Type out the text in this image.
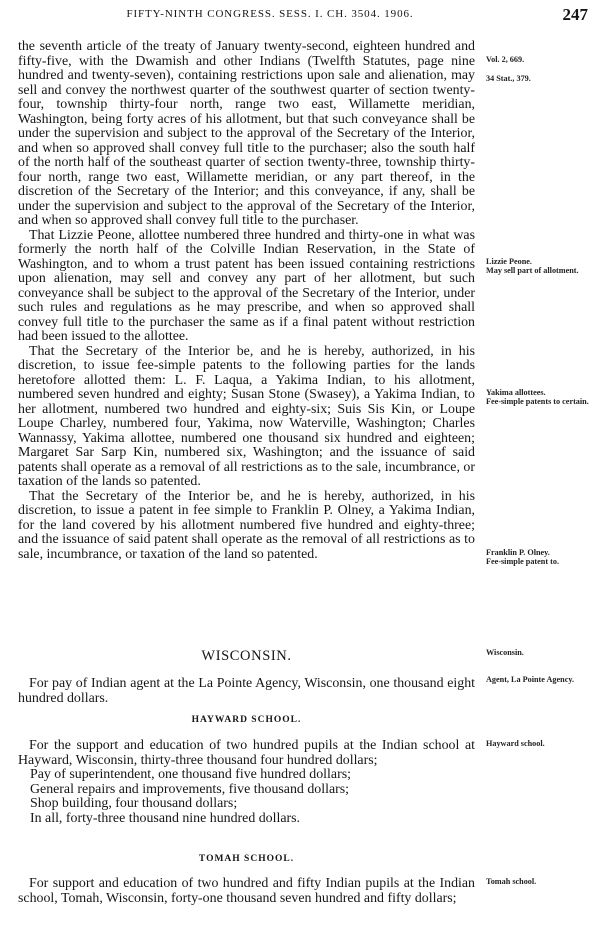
FIFTY-NINTH CONGRESS. SESS. I. CH. 3504. 1906.	247

the seventh article of the treaty of January twenty-second, eighteen hundred and fifty-five, with the Dwamish and other Indians (Twelfth Statutes, page nine hundred and twenty-seven), containing restrictions upon sale and alienation, may sell and convey the northwest quarter of the southwest quarter of section twenty-four, township thirty-four north, range two east, Willamette meridian, Washington, being forty acres of his allotment, but that such conveyance shall be under the supervision and subject to the approval of the Secretary of the Interior, and when so approved shall convey full title to the purchaser; also the south half of the north half of the southeast quarter of section twenty-three, township thirty-four north, range two east, Willamette meridian, or any part thereof, in the discretion of the Secretary of the Interior; and this conveyance, if any, shall be under the supervision and subject to the approval of the Secretary of the Interior, and when so approved shall convey full title to the purchaser.

That Lizzie Peone, allottee numbered three hundred and thirty-one in what was formerly the north half of the Colville Indian Reservation, in the State of Washington, and to whom a trust patent has been issued containing restrictions upon alienation, may sell and convey any part of her allotment, but such conveyance shall be subject to the approval of the Secretary of the Interior, under such rules and regulations as he may prescribe, and when so approved shall convey full title to the purchaser the same as if a final patent without restriction had been issued to the allottee.

That the Secretary of the Interior be, and he is hereby, authorized, in his discretion, to issue fee-simple patents to the following parties for the lands heretofore allotted them: L. F. Laqua, a Yakima Indian, to his allotment, numbered seven hundred and eighty; Susan Stone (Swasey), a Yakima Indian, to her allotment, numbered two hundred and eighty-six; Suis Sis Kin, or Loupe Loupe Charley, numbered four, Yakima, now Waterville, Washington; Charles Wannassy, Yakima allottee, numbered one thousand six hundred and eighteen; Margaret Sar Sarp Kin, numbered six, Washington; and the issuance of said patents shall operate as a removal of all restrictions as to the sale, incumbrance, or taxation of the lands so patented.

That the Secretary of the Interior be, and he is hereby, authorized, in his discretion, to issue a patent in fee simple to Franklin P. Olney, a Yakima Indian, for the land covered by his allotment numbered five hundred and eighty-three; and the issuance of said patent shall operate as the removal of all restrictions as to sale, incumbrance, or taxation of the land so patented.

WISCONSIN.

For pay of Indian agent at the La Pointe Agency, Wisconsin, one thousand eight hundred dollars.

HAYWARD SCHOOL.

For the support and education of two hundred pupils at the Indian school at Hayward, Wisconsin, thirty-three thousand four hundred dollars;

Pay of superintendent, one thousand five hundred dollars;

General repairs and improvements, five thousand dollars;

Shop building, four thousand dollars;

In all, forty-three thousand nine hundred dollars.

TOMAH SCHOOL.

For support and education of two hundred and fifty Indian pupils at the Indian school, Tomah, Wisconsin, forty-one thousand seven hundred and fifty dollars;

Vol. 2, 669.
34 Stat., 379.
Lizzie Peone.
May sell part of allotment.
Yakima allottees.
Fee-simple patents to certain.
Franklin P. Olney.
Fee-simple patent to.
Wisconsin.
Agent, La Pointe Agency.
Hayward school.
Tomah school.
